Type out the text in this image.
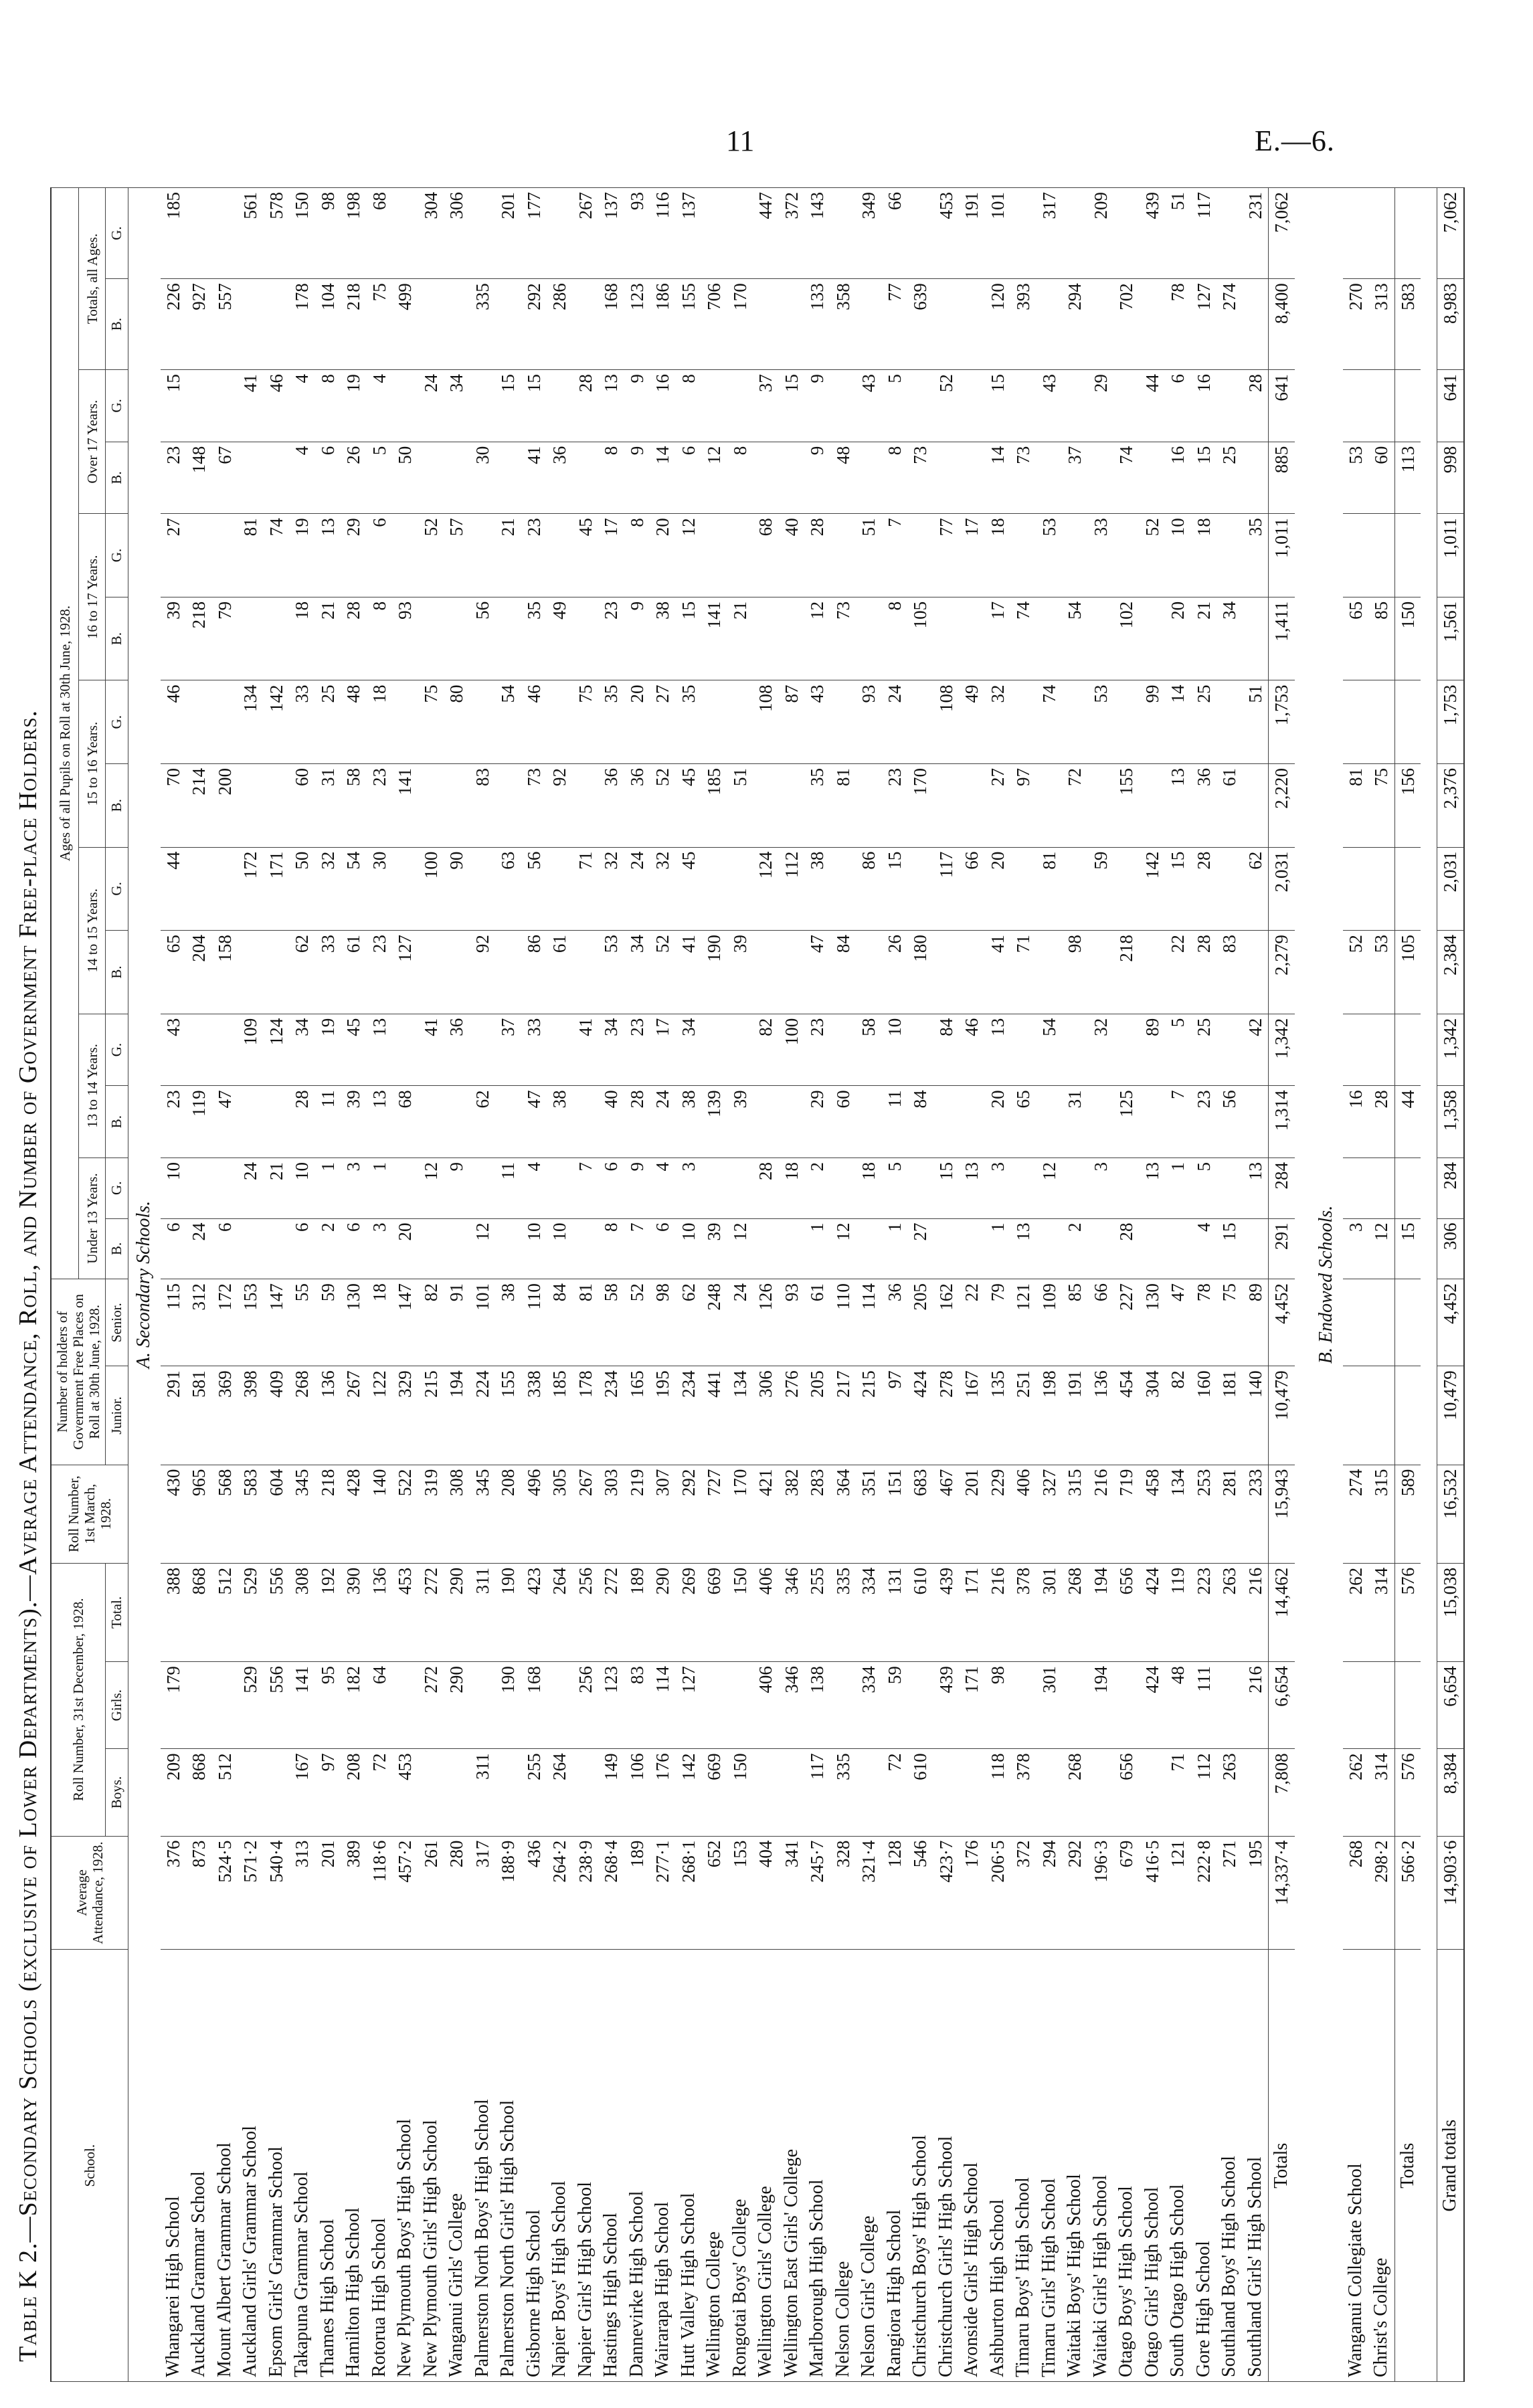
11	E.—6.
Table K 2.—Secondary Schools (exclusive of Lower Departments).—Average Attendance, Roll, and Number of Government Free-place Holders.	School.	Average Attendance, 1928.	Roll Number, 31st December, 1928.			Roll Number, 1st March, 1928.	Number of holders of Government Free Places on Roll at 30th June, 1928.		Ages of all Pupils on Roll at 30th June, 1928.													
								Under 13 Years.		13 to 14 Years.		14 to 15 Years.		15 to 16 Years.		16 to 17 Years.		Over 17 Years.		Totals, all Ages.	
		Boys.	Girls.	Total.		Junior.	Senior.	B.	G.	B.	G.	B.	G.	B.	G.	B.	G.	B.	G.	B.	G.
A. Secondary Schools.																					
Whangarei High School	376	209	179	388	430	291	115	6	10	23	43	65	44	70	46	39	27	23	15	226	185
Auckland Grammar School	873	868		868	965	581	312	24		119		204		214		218		148		927	
Mount Albert Grammar School	524·5	512		512	568	369	172	6		47		158		200		79		67		557	
Auckland Girls' Grammar School	571·2		529	529	583	398	153		24		109		172		134		81		41		561
Epsom Girls' Grammar School	540·4		556	556	604	409	147		21		124		171		142		74		46		578
Takapuna Grammar School	313	167	141	308	345	268	55	6	10	28	34	62	50	60	33	18	19	4	4	178	150
Thames High School	201	97	95	192	218	136	59	2	1	11	19	33	32	31	25	21	13	6	8	104	98
Hamilton High School	389	208	182	390	428	267	130	6	3	39	45	61	54	58	48	28	29	26	19	218	198
Rotorua High School	118·6	72	64	136	140	122	18	3	1	13	13	23	30	23	18	8	6	5	4	75	68
New Plymouth Boys' High School	457·2	453		453	522	329	147	20		68		127		141		93		50		499	
New Plymouth Girls' High School	261		272	272	319	215	82		12		41		100		75		52		24		304
Wanganui Girls' College	280		290	290	308	194	91		9		36		90		80		57		34		306
Palmerston North Boys' High School	317	311		311	345	224	101	12		62		92		83		56		30		335	
Palmerston North Girls' High School	188·9		190	190	208	155	38		11		37		63		54		21		15		201
Gisborne High School	436	255	168	423	496	338	110	10	4	47	33	86	56	73	46	35	23	41	15	292	177
Napier Boys' High School	264·2	264		264	305	185	84	10		38		61		92		49		36		286	
Napier Girls' High School	238·9		256	256	267	178	81		7		41		71		75		45		28		267
Hastings High School	268·4	149	123	272	303	234	58	8	6	40	34	53	32	36	35	23	17	8	13	168	137
Dannevirke High School	189	106	83	189	219	165	52	7	9	28	23	34	24	36	20	9	8	9	9	123	93
Wairarapa High School	277·1	176	114	290	307	195	98	6	4	24	17	52	32	52	27	38	20	14	16	186	116
Hutt Valley High School	268·1	142	127	269	292	234	62	10	3	38	34	41	45	45	35	15	12	6	8	155	137
Wellington College	652	669		669	727	441	248	39		139		190		185		141		12		706	
Rongotai Boys' College	153	150		150	170	134	24	12		39		39		51		21		8		170	
Wellington Girls' College	404		406	406	421	306	126		28		82		124		108		68		37		447
Wellington East Girls' College	341		346	346	382	276	93		18		100		112		87		40		15		372
Marlborough High School	245·7	117	138	255	283	205	61	1	2	29	23	47	38	35	43	12	28	9	9	133	143
Nelson College	328	335		335	364	217	110	12		60		84		81		73		48		358	
Nelson Girls' College	321·4		334	334	351	215	114		18		58		86		93		51		43		349
Rangiora High School	128	72	59	131	151	97	36	1	5	11	10	26	15	23	24	8	7	8	5	77	66
Christchurch Boys' High School	546	610		610	683	424	205	27		84		180		170		105		73		639	
Christchurch Girls' High School	423·7		439	439	467	278	162		15		84		117		108		77		52		453
Avonside Girls' High School	176		171	171	201	167	22		13		46		66		49		17				191
Ashburton High School	206·5	118	98	216	229	135	79	1	3	20	13	41	20	27	32	17	18	14	15	120	101
Timaru Boys' High School	372	378		378	406	251	121	13		65		71		97		74		73		393	
Timaru Girls' High School	294		301	301	327	198	109		12		54		81		74		53		43		317
Waitaki Boys' High School	292	268		268	315	191	85	2		31		98		72		54		37		294	
Waitaki Girls' High School	196·3		194	194	216	136	66		3		32		59		53		33		29		209
Otago Boys' High School	679	656		656	719	454	227	28		125		218		155		102		74		702	
Otago Girls' High School	416·5		424	424	458	304	130		13		89		142		99		52		44		439
South Otago High School	121	71	48	119	134	82	47		1	7	5	22	15	13	14	20	10	16	6	78	51
Gore High School	222·8	112	111	223	253	160	78	4	5	23	25	28	28	36	25	21	18	15	16	127	117
Southland Boys' High School	271	263		263	281	181	75	15		56		83		61		34		25		274	
Southland Girls' High School	195		216	216	233	140	89		13		42		62		51		35		28		231
Totals	14,337·4	7,808	6,654	14,462	15,943	10,479	4,452	291	284	1,314	1,342	2,279	2,031	2,220	1,753	1,411	1,011	885	641	8,400	7,062

B. Endowed Schools.																					
Wanganui Collegiate School	268	262		262	274			3		16		52		81		65		53		270	
Christ's College	298·2	314		314	315			12		28		53		75		85		60		313	
Totals	566·2	576		576	589			15		44		105		156		150		113		583	

Grand totals	14,903·6	8,384	6,654	15,038	16,532	10,479	4,452	306	284	1,358	1,342	2,384	2,031	2,376	1,753	1,561	1,011	998	641	8,983	7,062
